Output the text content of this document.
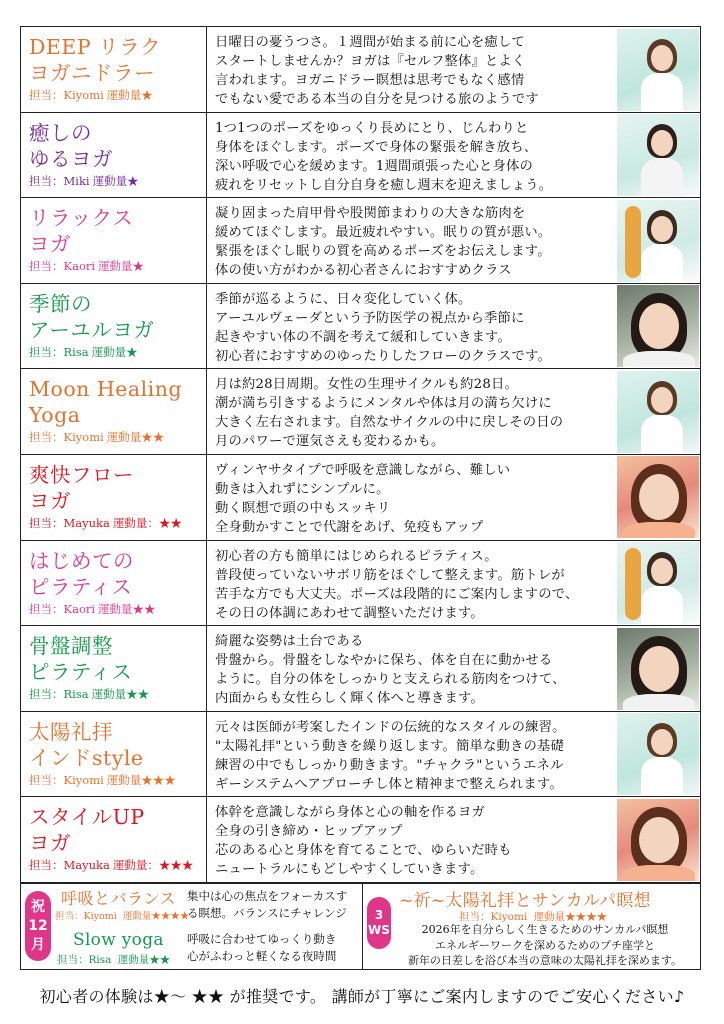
DEEP リラク
ヨガニドラー
担当：Kiyomi 運動量★
日曜日の憂うつさ。１週間が始まる前に心を癒して
スタートしませんか？ヨガは『セルフ整体』とよく
言われます。ヨガニドラー瞑想は思考でもなく感情
でもない愛である本当の自分を見つける旅のようです
癒しの
ゆるヨガ
担当：Miki 運動量★
1つ1つのポーズをゆっくり長めにとり、じんわりと
身体をほぐします。ポーズで身体の緊張を解き放ち、
深い呼吸で心を緩めます。1週間頑張った心と身体の
疲れをリセットし自分自身を癒し週末を迎えましょう。
リラックス
ヨガ
担当：Kaori 運動量★
凝り固まった肩甲骨や股関節まわりの大きな筋肉を
緩めてほぐします。最近疲れやすい。眠りの質が悪い。
緊張をほぐし眠りの質を高めるポーズをお伝えします。
体の使い方がわかる初心者さんにおすすめクラス
季節の
アーユルヨガ
担当：Risa 運動量★
季節が巡るように、日々変化していく体。
アーユルヴェーダという予防医学の視点から季節に
起きやすい体の不調を考えて緩和していきます。
初心者におすすめのゆったりしたフローのクラスです。
Moon Healing
Yoga
担当：Kiyomi 運動量★★
月は約28日周期。女性の生理サイクルも約28日。
潮が満ち引きするようにメンタルや体は月の満ち欠けに
大きく左右されます。自然なサイクルの中に戻しその日の
月のパワーで運気さえも変わるかも。
爽快フロー
ヨガ
担当：Mayuka 運動量：★★
ヴィンヤサタイプで呼吸を意識しながら、難しい
動きは入れずにシンプルに。
動く瞑想で頭の中もスッキリ
全身動かすことで代謝をあげ、免疫もアップ
はじめての
ピラティス
担当：Kaori 運動量★★
初心者の方も簡単にはじめられるピラティス。
普段使っていないサボリ筋をほぐして整えます。筋トレが
苦手な方でも大丈夫。ポーズは段階的にご案内しますので、
その日の体調にあわせて調整いただけます。
骨盤調整
ピラティス
担当：Risa 運動量★★
綺麗な姿勢は土台である
骨盤から。骨盤をしなやかに保ち、体を自在に動かせる
ように。自分の体をしっかりと支えられる筋肉をつけて、
内面からも女性らしく輝く体へと導きます。
太陽礼拝
インドstyle
担当：Kiyomi 運動量★★★
元々は医師が考案したインドの伝統的なスタイルの練習。
"太陽礼拝"という動きを繰り返します。簡単な動きの基礎
練習の中でもしっかり動きます。"チャクラ"というエネル
ギーシステムへアプローチし体と精神まで整えられます。
スタイルUP
ヨガ
担当：Mayuka 運動量：★★★
体幹を意識しながら身体と心の軸を作るヨガ
全身の引き締め・ヒップアップ
芯のある心と身体を育てることで、ゆらいだ時も
ニュートラルにもどしやすくしていきます。
祝
12
月
呼吸とバランス
担当：Kiyomi 運動量★★★★
集中は心の焦点をフォーカスす
る瞑想。バランスにチャレンジ
Slow yoga
担当：Risa 運動量★★
呼吸に合わせてゆっくり動き
心がふわっと軽くなる夜時間
3
WS
~祈~太陽礼拝とサンカルパ瞑想
担当：Kiyomi 運動量★★★★
2026年を自分らしく生きるためのサンカルパ瞑想
エネルギーワークを深めるためのプチ座学と
新年の日差しを浴び本当の意味の太陽礼拝を深めます。
初心者の体験は★～ ★★ が推奨です。 講師が丁寧にご案内しますのでご安心ください♪
